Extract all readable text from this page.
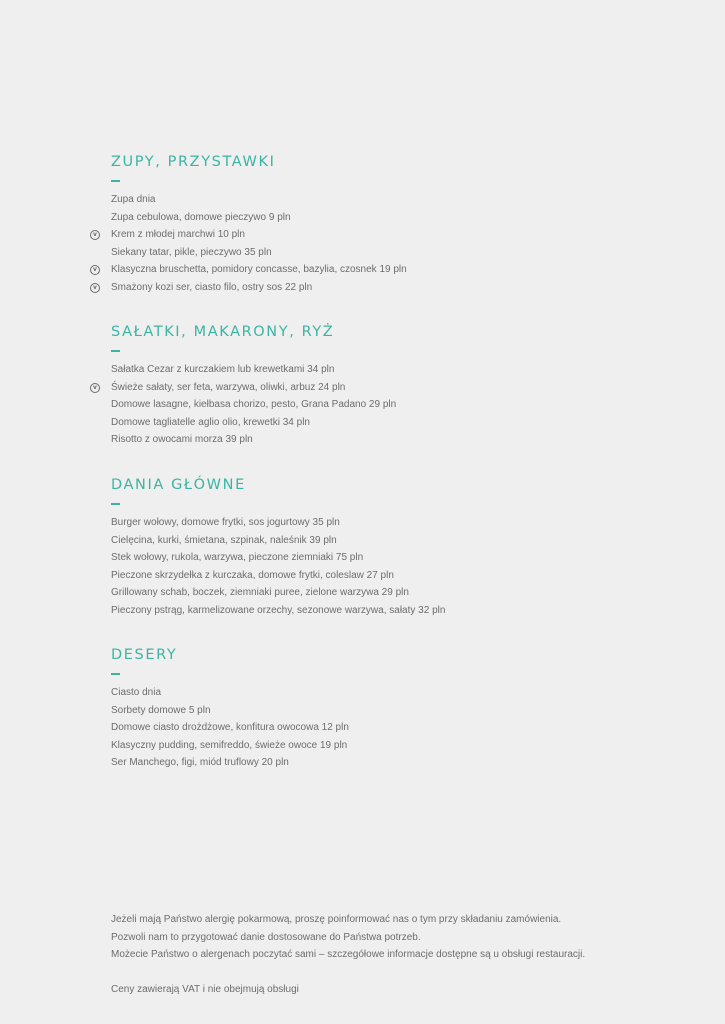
ZUPY, PRZYSTAWKI
Zupa dnia
Zupa cebulowa, domowe pieczywo 9 pln
v	Krem z młodej marchwi 10 pln
Siekany tatar, pikle, pieczywo 35 pln
v	Klasyczna bruschetta, pomidory concasse, bazylia, czosnek 19 pln
v	Smażony kozi ser, ciasto filo, ostry sos 22 pln
SAŁATKI, MAKARONY, RYŻ
Sałatka Cezar z kurczakiem lub krewetkami 34 pln
v	Świeże sałaty, ser feta, warzywa, oliwki, arbuz 24 pln
Domowe lasagne, kiełbasa chorizo, pesto, Grana Padano 29 pln
Domowe tagliatelle aglio olio, krewetki 34 pln
Risotto z owocami morza 39 pln
DANIA GŁÓWNE
Burger wołowy, domowe frytki, sos jogurtowy 35 pln
Cielęcina, kurki, śmietana, szpinak, naleśnik 39 pln
Stek wołowy, rukola, warzywa, pieczone ziemniaki 75 pln
Pieczone skrzydełka z kurczaka, domowe frytki, coleslaw 27 pln
Grillowany schab, boczek, ziemniaki puree, zielone warzywa 29 pln
Pieczony pstrąg, karmelizowane orzechy, sezonowe warzywa, sałaty 32 pln
DESERY
Ciasto dnia
Sorbety domowe 5 pln
Domowe ciasto drożdżowe, konfitura owocowa 12 pln
Klasyczny pudding, semifreddo, świeże owoce 19 pln
Ser Manchego, figi, miód truflowy 20 pln
Jeżeli mają Państwo alergię pokarmową, proszę poinformować nas o tym przy składaniu zamówienia.
Pozwoli nam to przygotować danie dostosowane do Państwa potrzeb.
Możecie Państwo o alergenach poczytać sami – szczegółowe informacje dostępne są u obsługi restauracji.
Ceny zawierają VAT i nie obejmują obsługi
